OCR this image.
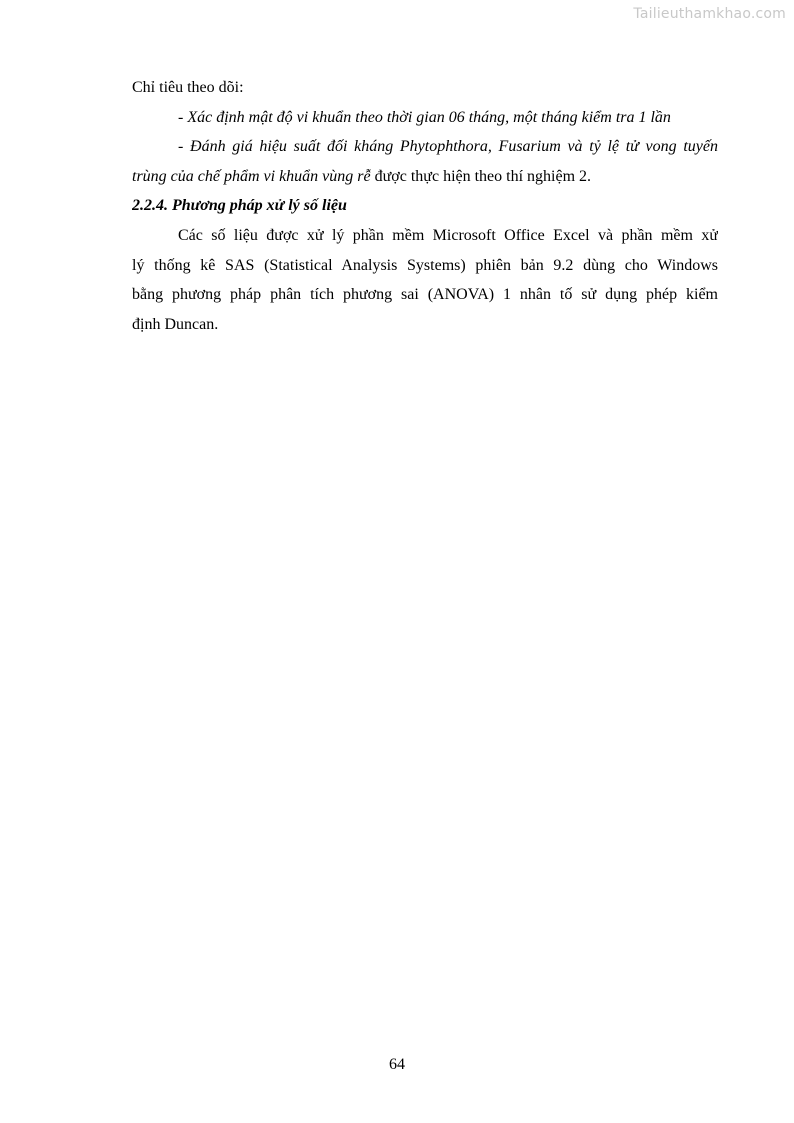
Tailieuthamkhao.com
Chỉ tiêu theo dõi:
- Xác định mật độ vi khuẩn theo thời gian 06 tháng, một tháng kiểm tra 1 lần
- Đánh giá hiệu suất đối kháng Phytophthora, Fusarium và tỷ lệ tử vong tuyến
trùng của chế phẩm vi khuẩn vùng rễ được thực hiện theo thí nghiệm 2.
2.2.4. Phương pháp xử lý số liệu
Các số liệu được xử lý phần mềm Microsoft Office Excel và phần mềm xử
lý thống kê SAS (Statistical Analysis Systems) phiên bản 9.2 dùng cho Windows
bằng phương pháp phân tích phương sai (ANOVA) 1 nhân tố sử dụng phép kiểm
định Duncan.
64
